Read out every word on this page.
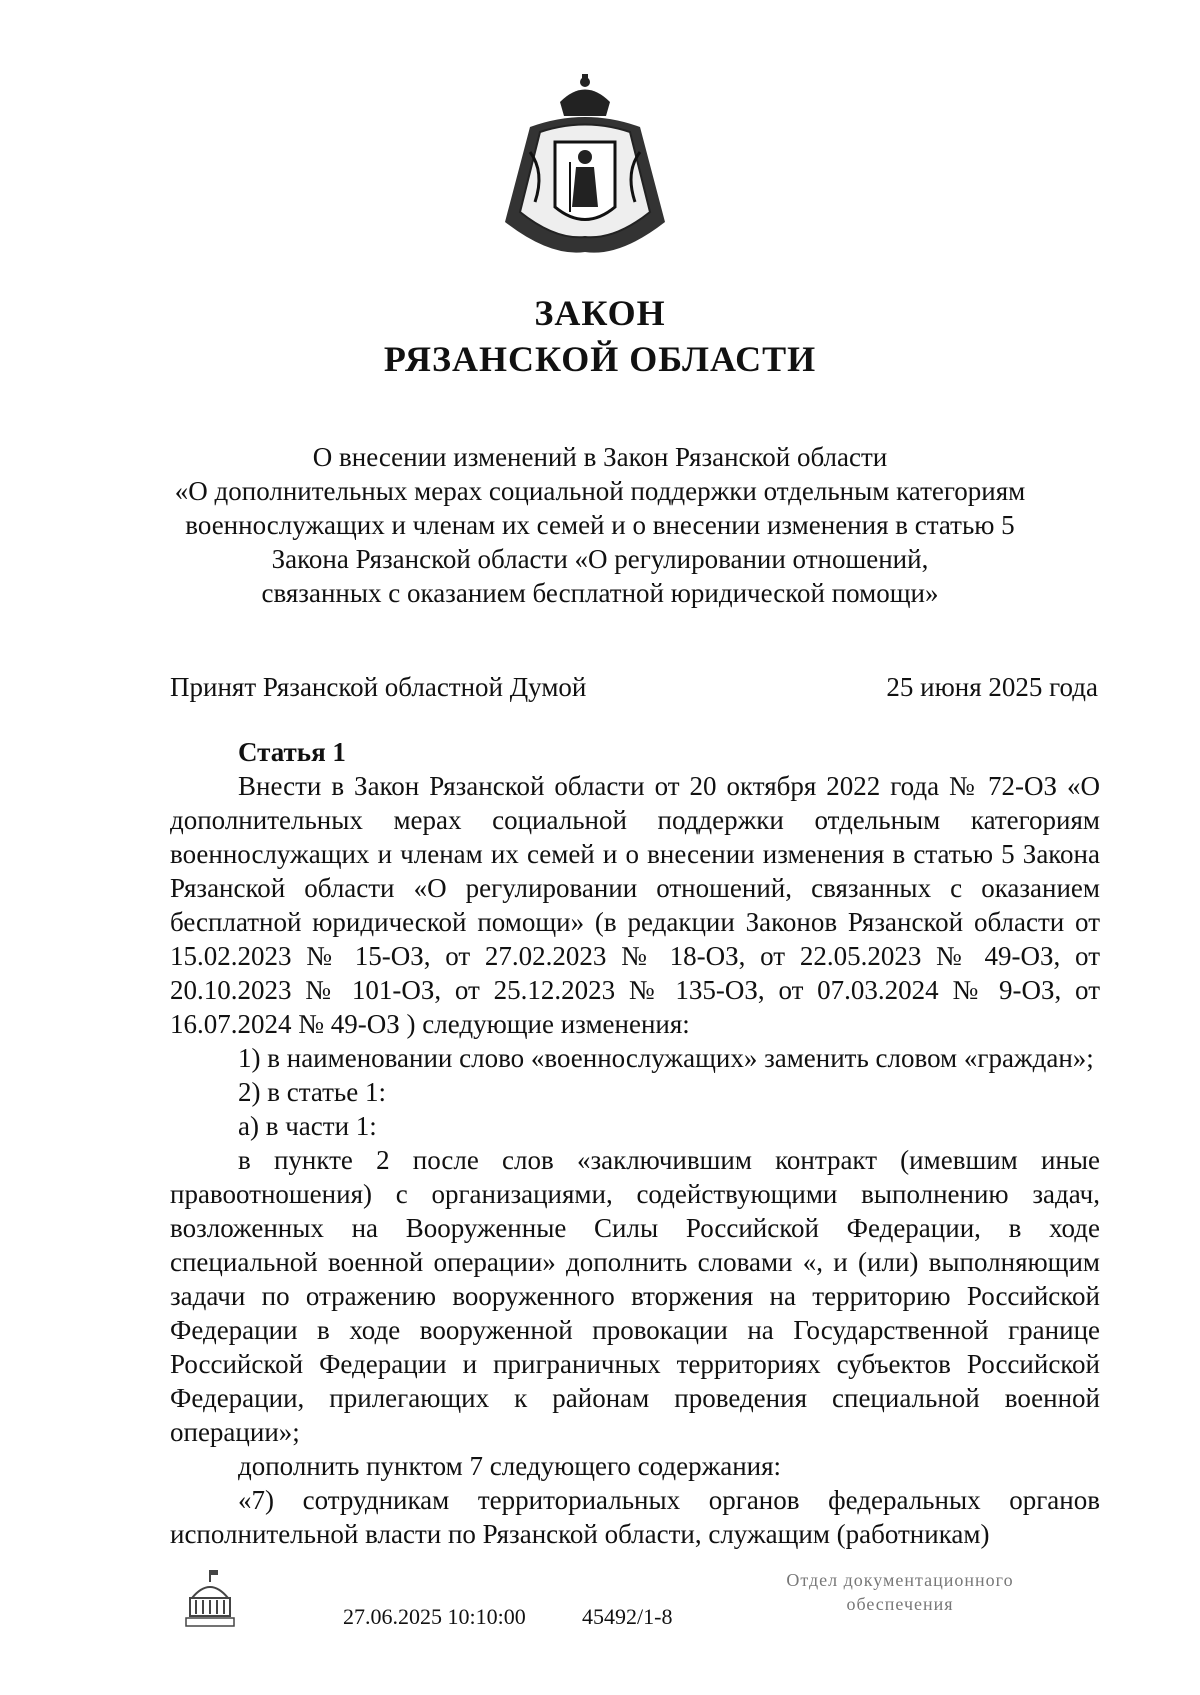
ЗАКОН
РЯЗАНСКОЙ ОБЛАСТИ
О внесении изменений в Закон Рязанской области
«О дополнительных мерах социальной поддержки отдельным категориям
военнослужащих и членам их семей и о внесении изменения в статью 5
Закона Рязанской области «О регулировании отношений,
связанных с оказанием бесплатной юридической помощи»
Принят Рязанской областной Думой	25 июня 2025 года

Статья 1

Внести в Закон Рязанской области от 20 октября 2022 года № 72-ОЗ «О дополнительных мерах социальной поддержки отдельным категориям военнослужащих и членам их семей и о внесении изменения в статью 5 Закона Рязанской области «О регулировании отношений, связанных с оказанием бесплатной юридической помощи» (в редакции Законов Рязанской области от 15.02.2023 № 15-ОЗ, от 27.02.2023 № 18-ОЗ, от 22.05.2023 № 49-ОЗ, от 20.10.2023 № 101-ОЗ, от 25.12.2023 № 135-ОЗ, от 07.03.2024 № 9-ОЗ, от 16.07.2024 № 49-ОЗ ) следующие изменения:

1) в наименовании слово «военнослужащих» заменить словом «граждан»;

2) в статье 1:

а) в части 1:

в пункте 2 после слов «заключившим контракт (имевшим иные правоотношения) с организациями, содействующими выполнению задач, возложенных на Вооруженные Силы Российской Федерации, в ходе специальной военной операции» дополнить словами «, и (или) выполняющим задачи по отражению вооруженного вторжения на территорию Российской Федерации в ходе вооруженной провокации на Государственной границе Российской Федерации и приграничных территориях субъектов Российской Федерации, прилегающих к районам проведения специальной военной операции»;

дополнить пунктом 7 следующего содержания:

«7) сотрудникам территориальных органов федеральных органов исполнительной власти по Рязанской области, служащим (работникам)

27.06.2025 10:10:00	45492/1-8
Отдел документационного
обеспечения
